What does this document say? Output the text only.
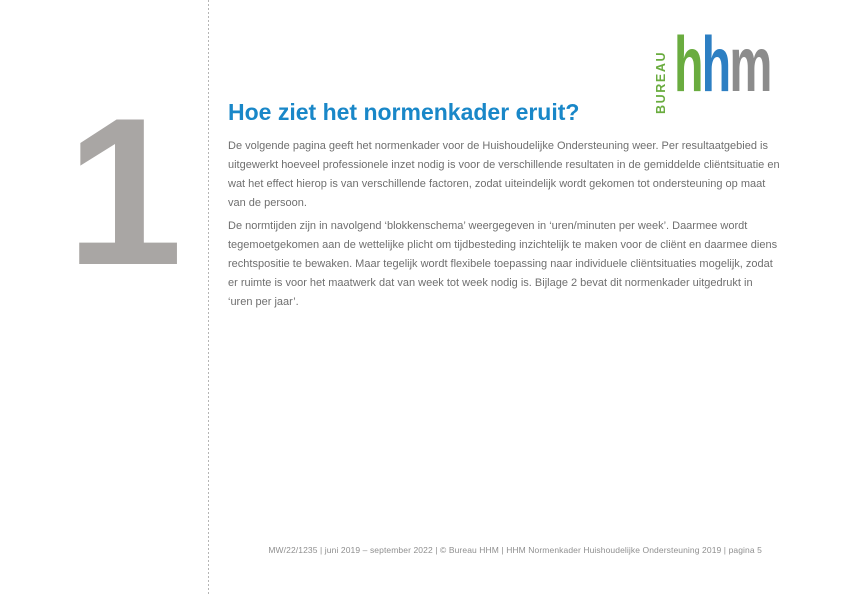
1	BUREAU hhm
Hoe ziet het normenkader eruit?

De volgende pagina geeft het normenkader voor de Huishoudelijke Ondersteuning weer. Per resultaatgebied is uitgewerkt hoeveel professionele inzet nodig is voor de verschillende resultaten in de gemiddelde cliëntsituatie en wat het effect hierop is van verschillende factoren, zodat uiteindelijk wordt gekomen tot ondersteuning op maat van de persoon.

De normtijden zijn in navolgend ‘blokkenschema’ weergegeven in ‘uren/minuten per week’. Daarmee wordt tegemoetgekomen aan de wettelijke plicht om tijdbesteding inzichtelijk te maken voor de cliënt en daarmee diens rechtspositie te bewaken. Maar tegelijk wordt flexibele toepassing naar individuele cliëntsituaties mogelijk, zodat er ruimte is voor het maatwerk dat van week tot week nodig is. Bijlage 2 bevat dit normenkader uitgedrukt in ‘uren per jaar’.

MW/22/1235 | juni 2019 – september 2022 | © Bureau HHM | HHM Normenkader Huishoudelijke Ondersteuning 2019 | pagina 5
